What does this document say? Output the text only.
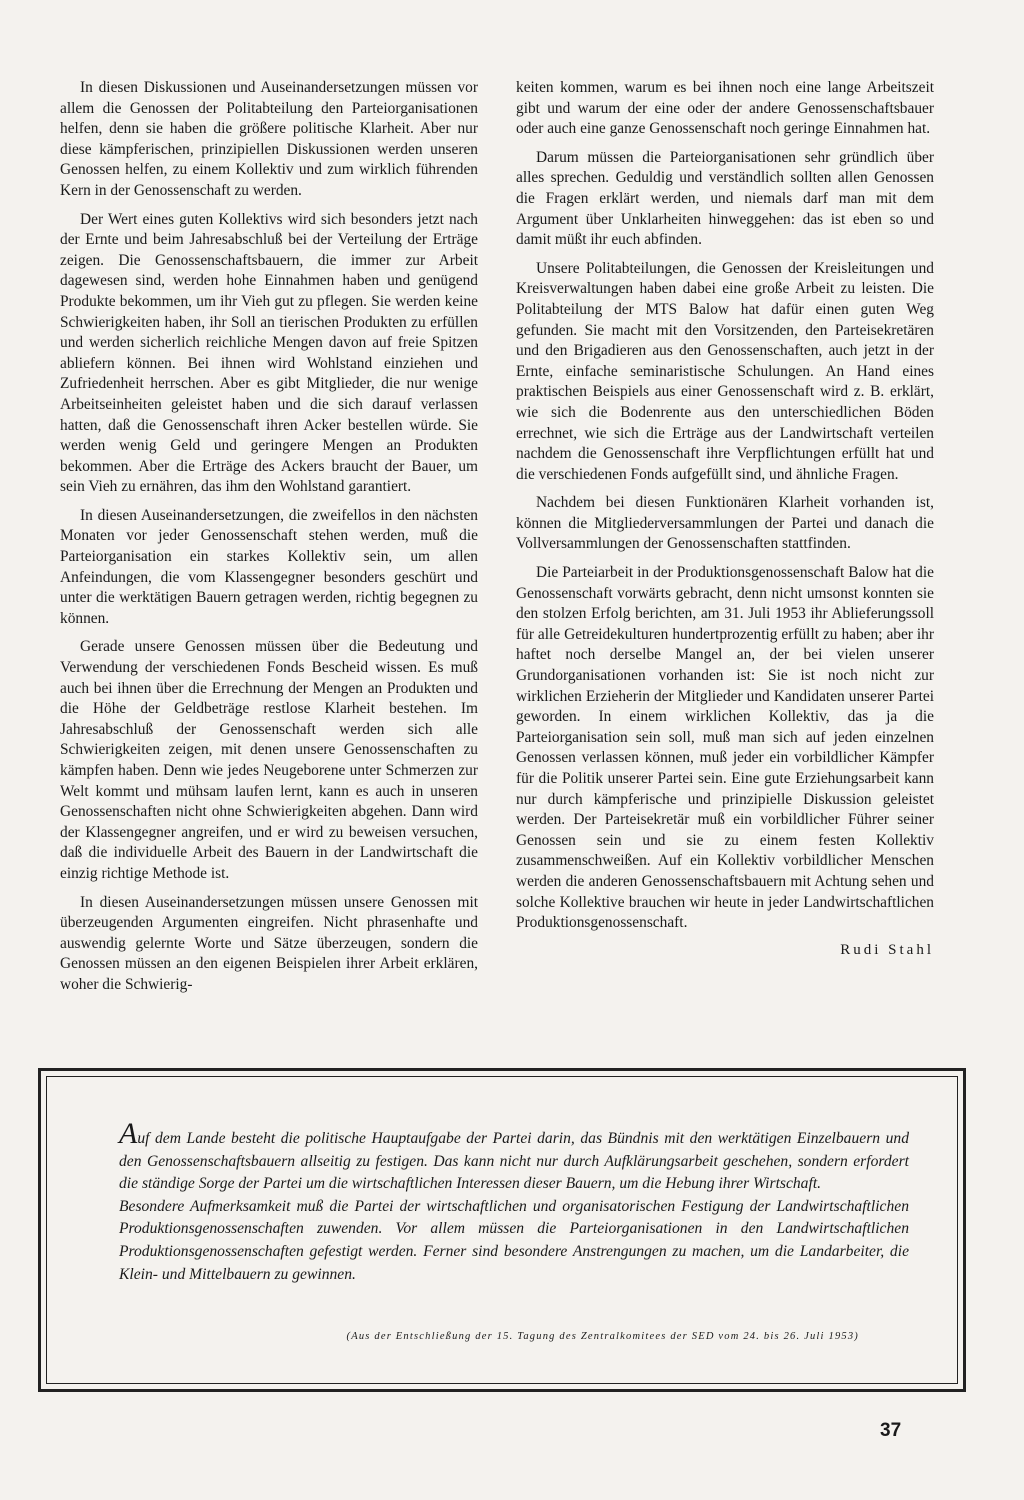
In diesen Diskussionen und Auseinandersetzungen müssen vor allem die Genossen der Politabteilung den Parteiorganisationen helfen, denn sie haben die größere politische Klarheit. Aber nur diese kämpferischen, prinzipiellen Diskussionen werden unseren Genossen helfen, zu einem Kollektiv und zum wirklich führenden Kern in der Genossenschaft zu werden.

Der Wert eines guten Kollektivs wird sich besonders jetzt nach der Ernte und beim Jahresabschluß bei der Verteilung der Erträge zeigen. Die Genossenschaftsbauern, die immer zur Arbeit dagewesen sind, werden hohe Einnahmen haben und genügend Produkte bekommen, um ihr Vieh gut zu pflegen. Sie werden keine Schwierigkeiten haben, ihr Soll an tierischen Produkten zu erfüllen und werden sicherlich reichliche Mengen davon auf freie Spitzen abliefern können. Bei ihnen wird Wohlstand einziehen und Zufriedenheit herrschen. Aber es gibt Mitglieder, die nur wenige Arbeitseinheiten geleistet haben und die sich darauf verlassen hatten, daß die Genossenschaft ihren Acker bestellen würde. Sie werden wenig Geld und geringere Mengen an Produkten bekommen. Aber die Erträge des Ackers braucht der Bauer, um sein Vieh zu ernähren, das ihm den Wohlstand garantiert.

In diesen Auseinandersetzungen, die zweifellos in den nächsten Monaten vor jeder Genossenschaft stehen werden, muß die Parteiorganisation ein starkes Kollektiv sein, um allen Anfeindungen, die vom Klassengegner besonders geschürt und unter die werktätigen Bauern getragen werden, richtig begegnen zu können.

Gerade unsere Genossen müssen über die Bedeutung und Verwendung der verschiedenen Fonds Bescheid wissen. Es muß auch bei ihnen über die Errechnung der Mengen an Produkten und die Höhe der Geldbeträge restlose Klarheit bestehen. Im Jahresabschluß der Genossenschaft werden sich alle Schwierigkeiten zeigen, mit denen unsere Genossenschaften zu kämpfen haben. Denn wie jedes Neugeborene unter Schmerzen zur Welt kommt und mühsam laufen lernt, kann es auch in unseren Genossenschaften nicht ohne Schwierigkeiten abgehen. Dann wird der Klassengegner angreifen, und er wird zu beweisen versuchen, daß die individuelle Arbeit des Bauern in der Landwirtschaft die einzig richtige Methode ist.

In diesen Auseinandersetzungen müssen unsere Genossen mit überzeugenden Argumenten eingreifen. Nicht phrasenhafte und auswendig gelernte Worte und Sätze überzeugen, sondern die Genossen müssen an den eigenen Beispielen ihrer Arbeit erklären, woher die Schwierig-

keiten kommen, warum es bei ihnen noch eine lange Arbeitszeit gibt und warum der eine oder der andere Genossenschaftsbauer oder auch eine ganze Genossenschaft noch geringe Einnahmen hat.

Darum müssen die Parteiorganisationen sehr gründlich über alles sprechen. Geduldig und verständlich sollten allen Genossen die Fragen erklärt werden, und niemals darf man mit dem Argument über Unklarheiten hinweggehen: das ist eben so und damit müßt ihr euch abfinden.

Unsere Politabteilungen, die Genossen der Kreisleitungen und Kreisverwaltungen haben dabei eine große Arbeit zu leisten. Die Politabteilung der MTS Balow hat dafür einen guten Weg gefunden. Sie macht mit den Vorsitzenden, den Parteisekretären und den Brigadieren aus den Genossenschaften, auch jetzt in der Ernte, einfache seminaristische Schulungen. An Hand eines praktischen Beispiels aus einer Genossenschaft wird z. B. erklärt, wie sich die Bodenrente aus den unterschiedlichen Böden errechnet, wie sich die Erträge aus der Landwirtschaft verteilen nachdem die Genossenschaft ihre Verpflichtungen erfüllt hat und die verschiedenen Fonds aufgefüllt sind, und ähnliche Fragen.

Nachdem bei diesen Funktionären Klarheit vorhanden ist, können die Mitgliederversammlungen der Partei und danach die Vollversammlungen der Genossenschaften stattfinden.

Die Parteiarbeit in der Produktionsgenossenschaft Balow hat die Genossenschaft vorwärts gebracht, denn nicht umsonst konnten sie den stolzen Erfolg berichten, am 31. Juli 1953 ihr Ablieferungssoll für alle Getreidekulturen hundertprozentig erfüllt zu haben; aber ihr haftet noch derselbe Mangel an, der bei vielen unserer Grundorganisationen vorhanden ist: Sie ist noch nicht zur wirklichen Erzieherin der Mitglieder und Kandidaten unserer Partei geworden. In einem wirklichen Kollektiv, das ja die Parteiorganisation sein soll, muß man sich auf jeden einzelnen Genossen verlassen können, muß jeder ein vorbildlicher Kämpfer für die Politik unserer Partei sein. Eine gute Erziehungsarbeit kann nur durch kämpferische und prinzipielle Diskussion geleistet werden. Der Parteisekretär muß ein vorbildlicher Führer seiner Genossen sein und sie zu einem festen Kollektiv zusammenschweißen. Auf ein Kollektiv vorbildlicher Menschen werden die anderen Genossenschaftsbauern mit Achtung sehen und solche Kollektive brauchen wir heute in jeder Landwirtschaftlichen Produktionsgenossenschaft.

Rudi Stahl

Auf dem Lande besteht die politische Hauptaufgabe der Partei darin, das Bündnis mit den werktätigen Einzelbauern und den Genossenschaftsbauern allseitig zu festigen. Das kann nicht nur durch Aufklärungsarbeit geschehen, sondern erfordert die ständige Sorge der Partei um die wirtschaftlichen Interessen dieser Bauern, um die Hebung ihrer Wirtschaft.

Besondere Aufmerksamkeit muß die Partei der wirtschaftlichen und organisatorischen Festigung der Landwirtschaftlichen Produktionsgenossenschaften zuwenden. Vor allem müssen die Parteiorganisationen in den Landwirtschaftlichen Produktionsgenossenschaften gefestigt werden. Ferner sind besondere Anstrengungen zu machen, um die Landarbeiter, die Klein- und Mittelbauern zu gewinnen.

(Aus der Entschließung der 15. Tagung des Zentralkomitees der SED vom 24. bis 26. Juli 1953)
37
